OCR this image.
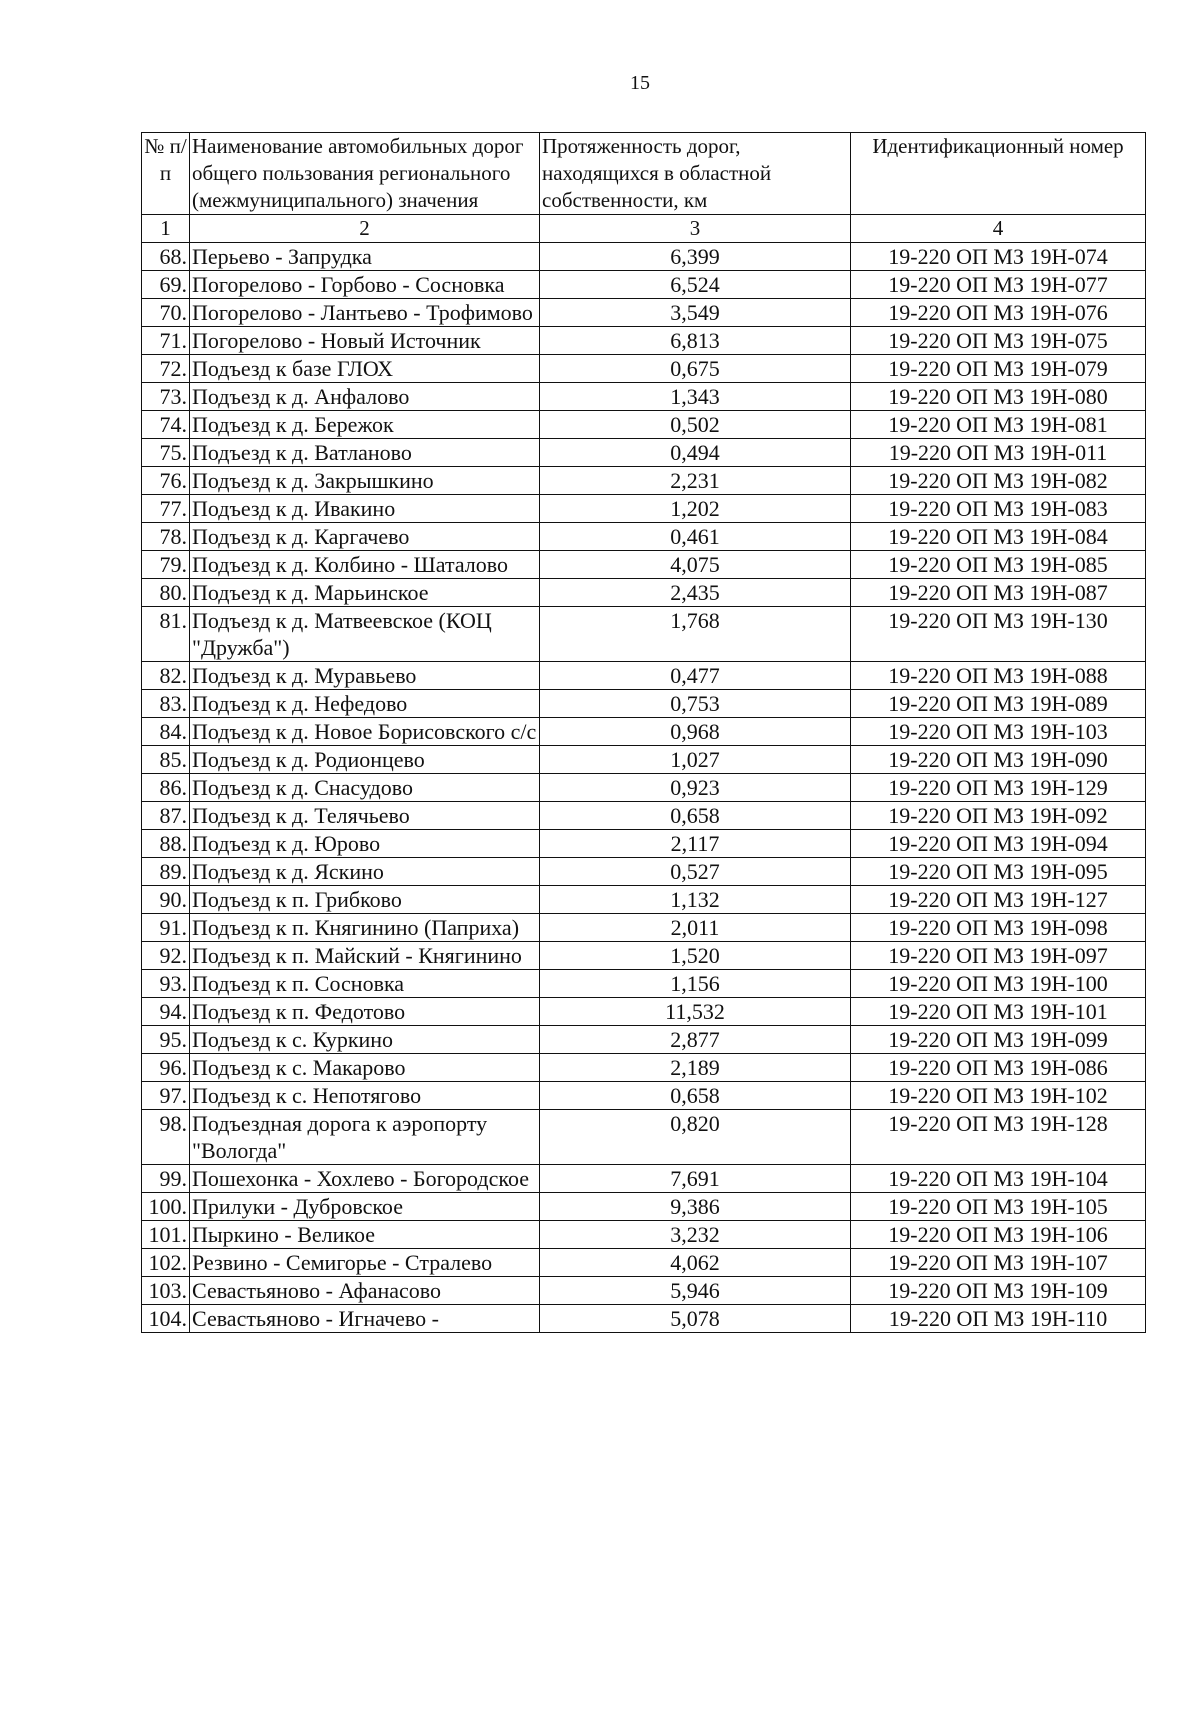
15
№ п/п	Наименование автомобильных дорог общего пользования регионального (межмуниципального) значения	Протяженность дорог, находящихся в областной собственности, км	Идентификационный номер
1	2	3	4
68.	Перьево - Запрудка	6,399	19-220 ОП МЗ 19Н-074
69.	Погорелово - Горбово - Сосновка	6,524	19-220 ОП МЗ 19Н-077
70.	Погорелово - Лантьево - Трофимово	3,549	19-220 ОП МЗ 19Н-076
71.	Погорелово - Новый Источник	6,813	19-220 ОП МЗ 19Н-075
72.	Подъезд к базе ГЛОХ	0,675	19-220 ОП МЗ 19Н-079
73.	Подъезд к д. Анфалово	1,343	19-220 ОП МЗ 19Н-080
74.	Подъезд к д. Бережок	0,502	19-220 ОП МЗ 19Н-081
75.	Подъезд к д. Ватланово	0,494	19-220 ОП МЗ 19Н-011
76.	Подъезд к д. Закрышкино	2,231	19-220 ОП МЗ 19Н-082
77.	Подъезд к д. Ивакино	1,202	19-220 ОП МЗ 19Н-083
78.	Подъезд к д. Каргачево	0,461	19-220 ОП МЗ 19Н-084
79.	Подъезд к д. Колбино - Шаталово	4,075	19-220 ОП МЗ 19Н-085
80.	Подъезд к д. Марьинское	2,435	19-220 ОП МЗ 19Н-087
81.	Подъезд к д. Матвеевское (КОЦ "Дружба")	1,768	19-220 ОП МЗ 19Н-130
82.	Подъезд к д. Муравьево	0,477	19-220 ОП МЗ 19Н-088
83.	Подъезд к д. Нефедово	0,753	19-220 ОП МЗ 19Н-089
84.	Подъезд к д. Новое Борисовского с/с	0,968	19-220 ОП МЗ 19Н-103
85.	Подъезд к д. Родионцево	1,027	19-220 ОП МЗ 19Н-090
86.	Подъезд к д. Снасудово	0,923	19-220 ОП МЗ 19Н-129
87.	Подъезд к д. Телячьево	0,658	19-220 ОП МЗ 19Н-092
88.	Подъезд к д. Юрово	2,117	19-220 ОП МЗ 19Н-094
89.	Подъезд к д. Яскино	0,527	19-220 ОП МЗ 19Н-095
90.	Подъезд к п. Грибково	1,132	19-220 ОП МЗ 19Н-127
91.	Подъезд к п. Княгинино (Паприха)	2,011	19-220 ОП МЗ 19Н-098
92.	Подъезд к п. Майский - Княгинино	1,520	19-220 ОП МЗ 19Н-097
93.	Подъезд к п. Сосновка	1,156	19-220 ОП МЗ 19Н-100
94.	Подъезд к п. Федотово	11,532	19-220 ОП МЗ 19Н-101
95.	Подъезд к с. Куркино	2,877	19-220 ОП МЗ 19Н-099
96.	Подъезд к с. Макарово	2,189	19-220 ОП МЗ 19Н-086
97.	Подъезд к с. Непотягово	0,658	19-220 ОП МЗ 19Н-102
98.	Подъездная дорога к аэропорту "Вологда"	0,820	19-220 ОП МЗ 19Н-128
99.	Пошехонка - Хохлево - Богородское	7,691	19-220 ОП МЗ 19Н-104
100.	Прилуки - Дубровское	9,386	19-220 ОП МЗ 19Н-105
101.	Пыркино - Великое	3,232	19-220 ОП МЗ 19Н-106
102.	Резвино - Семигорье - Стралево	4,062	19-220 ОП МЗ 19Н-107
103.	Севастьяново - Афанасово	5,946	19-220 ОП МЗ 19Н-109
104.	Севастьяново - Игначево -	5,078	19-220 ОП МЗ 19Н-110
